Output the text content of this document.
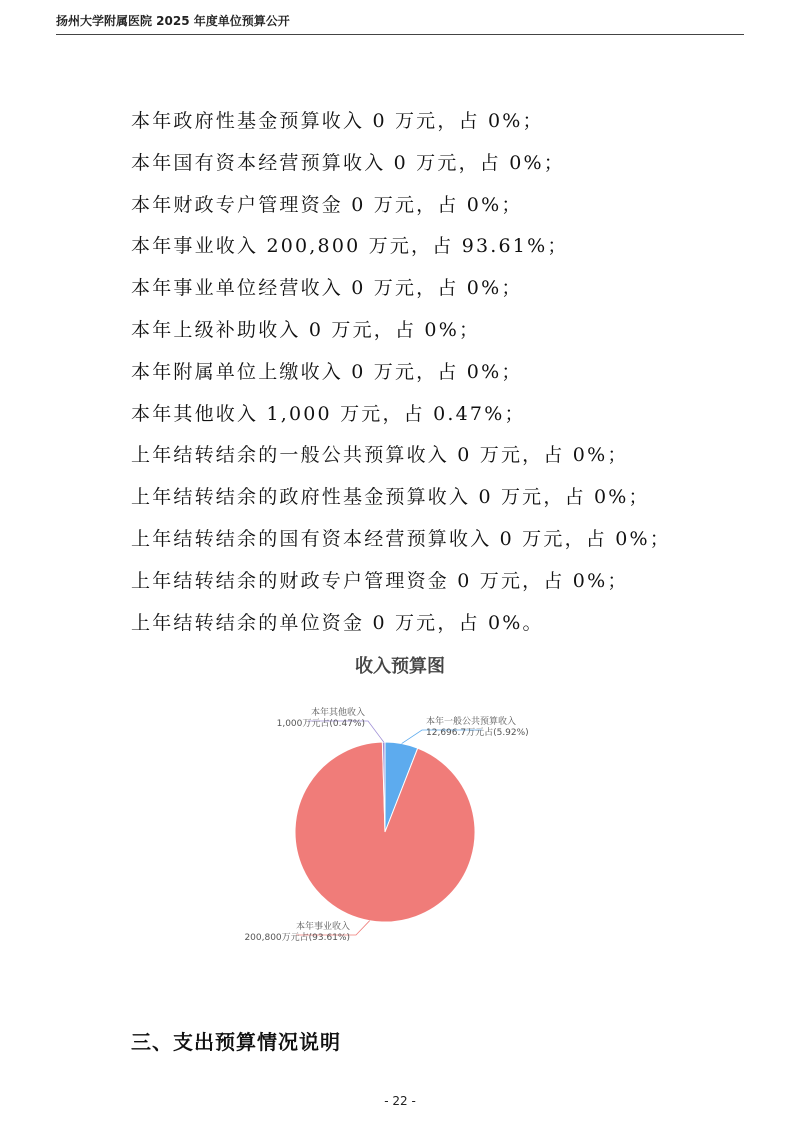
扬州大学附属医院 2025 年度单位预算公开
本年政府性基金预算收入 0 万元，占 0%；
本年国有资本经营预算收入 0 万元，占 0%；
本年财政专户管理资金 0 万元，占 0%；
本年事业收入 200,800 万元，占 93.61%；
本年事业单位经营收入 0 万元，占 0%；
本年上级补助收入 0 万元，占 0%；
本年附属单位上缴收入 0 万元，占 0%；
本年其他收入 1,000 万元，占 0.47%；
上年结转结余的一般公共预算收入 0 万元，占 0%；
上年结转结余的政府性基金预算收入 0 万元，占 0%；
上年结转结余的国有资本经营预算收入 0 万元，占 0%；
上年结转结余的财政专户管理资金 0 万元，占 0%；
上年结转结余的单位资金 0 万元，占 0%。
收入预算图
本年一般公共预算收入
12,696.7万元占(5.92%)
本年事业收入
200,800万元占(93.61%)
本年其他收入
1,000万元占(0.47%)
三、支出预算情况说明
- 22 -
